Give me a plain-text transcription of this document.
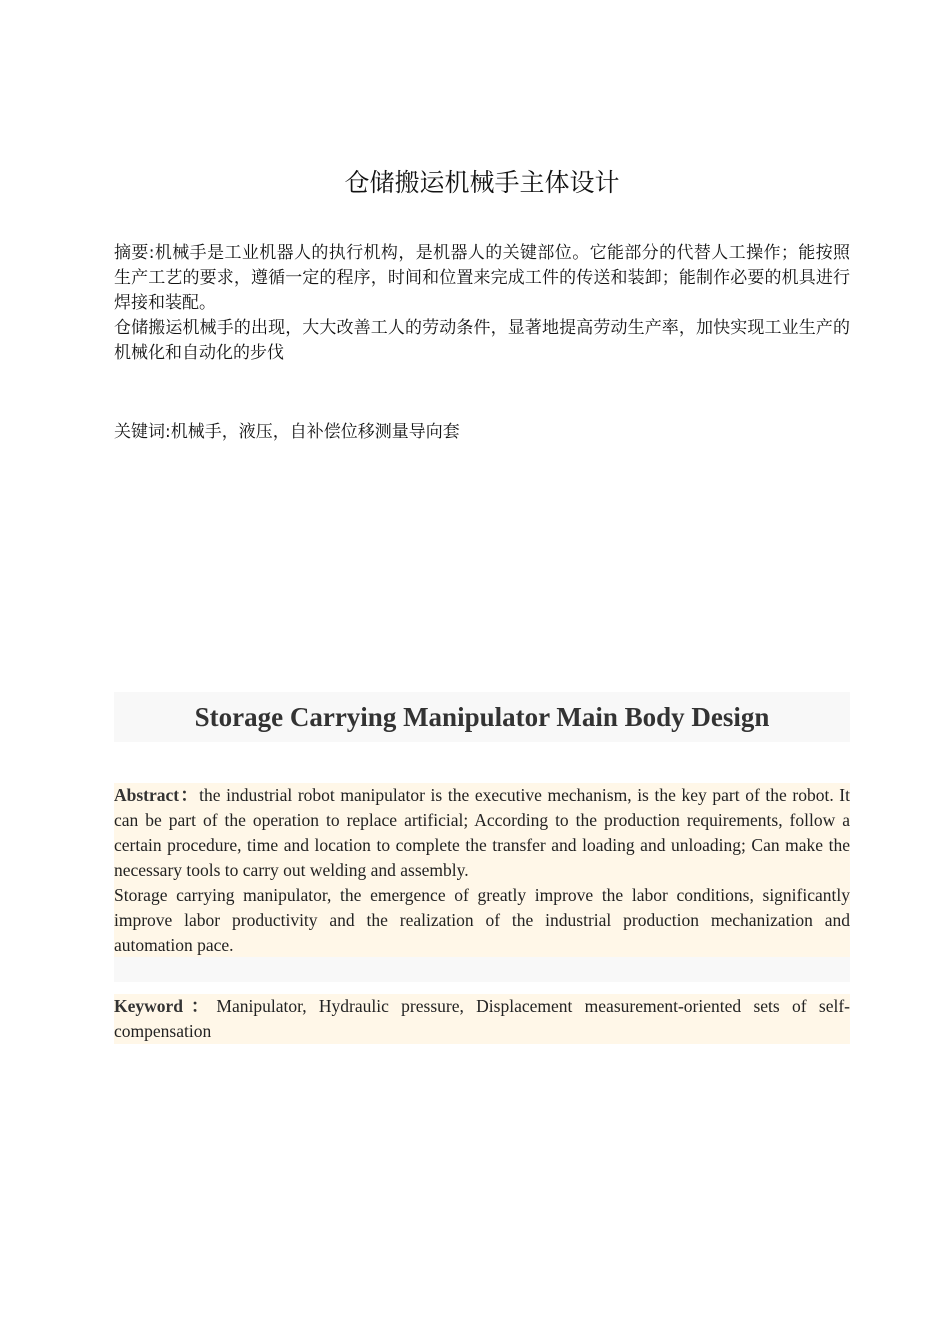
仓储搬运机械手主体设计

摘要:机械手是工业机器人的执行机构，是机器人的关键部位。它能部分的代替人工操作；能按照生产工艺的要求，遵循一定的程序，时间和位置来完成工件的传送和装卸；能制作必要的机具进行焊接和装配。

仓储搬运机械手的出现，大大改善工人的劳动条件，显著地提高劳动生产率，加快实现工业生产的机械化和自动化的步伐

关键词:机械手，液压，自补偿位移测量导向套
Storage Carrying Manipulator Main Body Design

Abstract：the industrial robot manipulator is the executive mechanism, is the key part of the robot. It can be part of the operation to replace artificial; According to the production requirements, follow a certain procedure, time and location to complete the transfer and loading and unloading; Can make the necessary tools to carry out welding and assembly.

Storage carrying manipulator, the emergence of greatly improve the labor conditions, significantly improve labor productivity and the realization of the industrial production mechanization and automation pace.

Keyword：Manipulator, Hydraulic pressure, Displacement measurement-oriented sets of self-compensation
